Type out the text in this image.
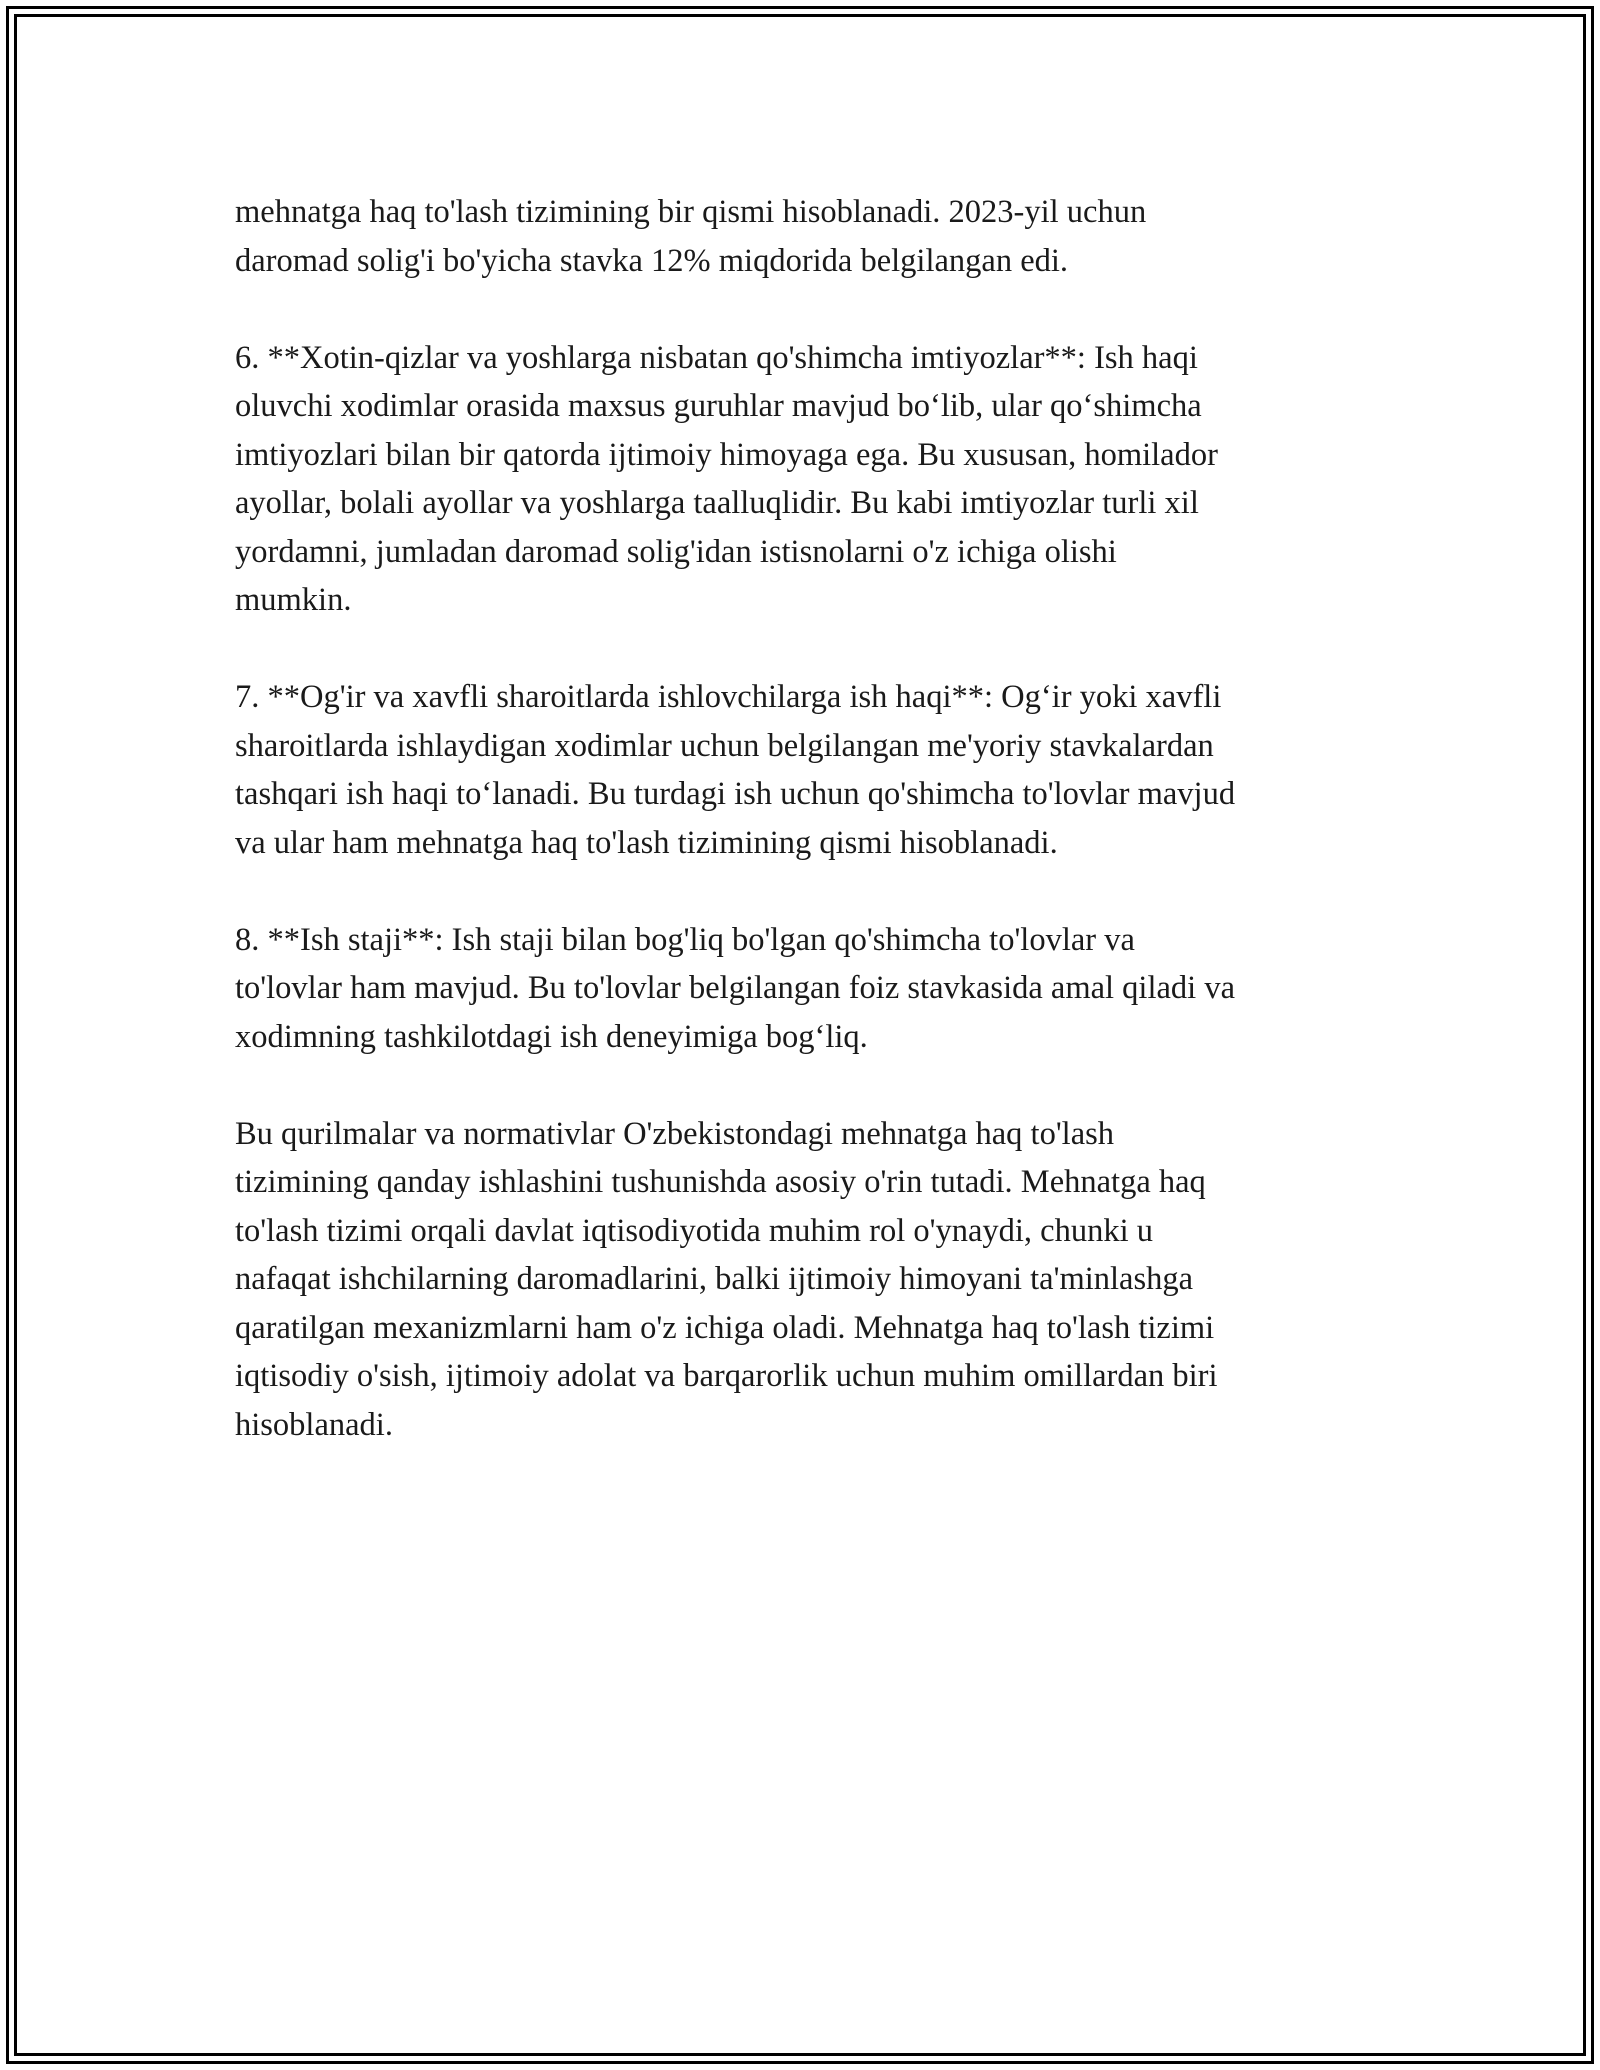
mehnatga haq to'lash tizimining bir qismi hisoblanadi. 2023-yil uchun
daromad solig'i bo'yicha stavka 12% miqdorida belgilangan edi.

6. **Xotin-qizlar va yoshlarga nisbatan qo'shimcha imtiyozlar**: Ish haqi
oluvchi xodimlar orasida maxsus guruhlar mavjud bo‘lib, ular qo‘shimcha
imtiyozlari bilan bir qatorda ijtimoiy himoyaga ega. Bu xususan, homilador
ayollar, bolali ayollar va yoshlarga taalluqlidir. Bu kabi imtiyozlar turli xil
yordamni, jumladan daromad solig'idan istisnolarni o'z ichiga olishi
mumkin.

7. **Og'ir va xavfli sharoitlarda ishlovchilarga ish haqi**: Og‘ir yoki xavfli
sharoitlarda ishlaydigan xodimlar uchun belgilangan me'yoriy stavkalardan
tashqari ish haqi to‘lanadi. Bu turdagi ish uchun qo'shimcha to'lovlar mavjud
va ular ham mehnatga haq to'lash tizimining qismi hisoblanadi.

8. **Ish staji**: Ish staji bilan bog'liq bo'lgan qo'shimcha to'lovlar va
to'lovlar ham mavjud. Bu to'lovlar belgilangan foiz stavkasida amal qiladi va
xodimning tashkilotdagi ish deneyimiga bog‘liq.

Bu qurilmalar va normativlar O'zbekistondagi mehnatga haq to'lash
tizimining qanday ishlashini tushunishda asosiy o'rin tutadi. Mehnatga haq
to'lash tizimi orqali davlat iqtisodiyotida muhim rol o'ynaydi, chunki u
nafaqat ishchilarning daromadlarini, balki ijtimoiy himoyani ta'minlashga
qaratilgan mexanizmlarni ham o'z ichiga oladi. Mehnatga haq to'lash tizimi
iqtisodiy o'sish, ijtimoiy adolat va barqarorlik uchun muhim omillardan biri
hisoblanadi.
